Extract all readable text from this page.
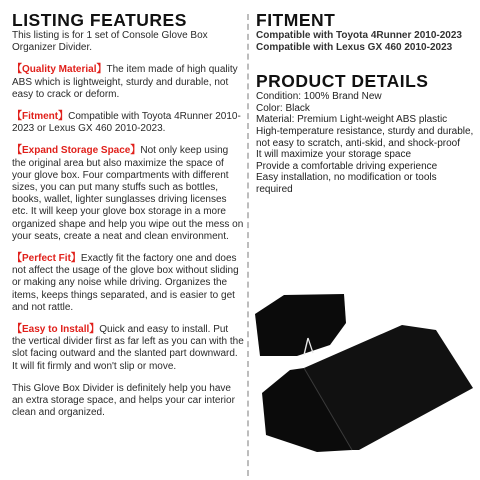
LISTING FEATURES

This listing is for 1 set of Console Glove Box Organizer Divider.

【Quality Material】The item made of high quality ABS which is lightweight, sturdy and durable, not easy to crack or deform.

【Fitment】Compatible with Toyota 4Runner 2010-2023 or Lexus GX 460 2010-2023.

【Expand Storage Space】Not only keep using the original area but also maximize the space of your glove box. Four compartments with different sizes, you can put many stuffs such as bottles, books, wallet, lighter sunglasses driving licenses etc. It will keep your glove box storage in a more organized shape and help you wipe out the mess on your seats, create a neat and clean environment.

【Perfect Fit】Exactly fit the factory one and does not affect the usage of the glove box without sliding or making any noise while driving. Organizes the items, keeps things separated, and is easier to get and not rattle.

【Easy to Install】Quick and easy to install. Put the vertical divider first as far left as you can with the slot facing outward and the slanted part downward. It will fit firmly and won't slip or move.

This Glove Box Divider is definitely help you have an extra storage space, and helps your car interior clean and organized.

FITMENT

Compatible with Toyota 4Runner 2010-2023

Compatible with Lexus GX 460 2010-2023

PRODUCT DETAILS

Condition: 100% Brand New

Color: Black

Material: Premium Light-weight ABS plastic

High-temperature resistance, sturdy and durable, not easy to scratch, anti-skid, and shock-proof

It will maximize your storage space

Provide a comfortable driving experience

Easy installation, no modification or tools required
